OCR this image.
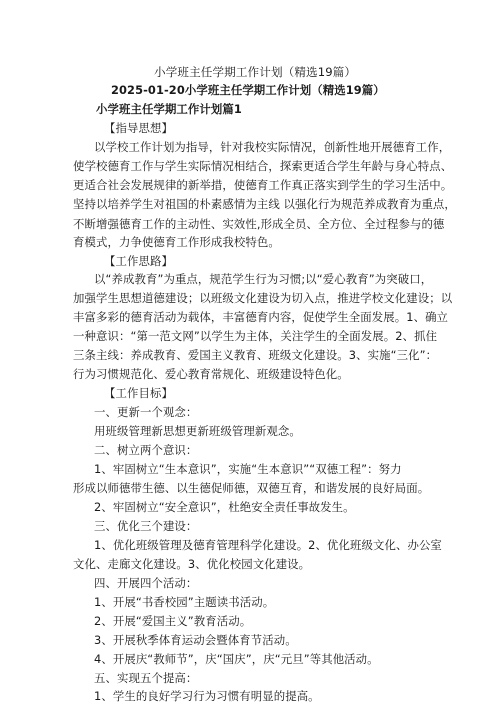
小学班主任学期工作计划（精选19篇）
2025-01-20小学班主任学期工作计划（精选19篇）
小学班主任学期工作计划篇1
【指导思想】
以学校工作计划为指导，针对我校实际情况，创新性地开展德育工作，
使学校德育工作与学生实际情况相结合，探索更适合学生年龄与身心特点、
更适合社会发展规律的新举措，使德育工作真正落实到学生的学习生活中。
坚持以培养学生对祖国的朴素感情为主线 以强化行为规范养成教育为重点，
不断增强德育工作的主动性、实效性,形成全员、全方位、全过程参与的德
育模式，力争使德育工作形成我校特色。
【工作思路】
以“养成教育”为重点，规范学生行为习惯;以“爱心教育”为突破口，
加强学生思想道德建设；以班级文化建设为切入点，推进学校文化建设；以
丰富多彩的德育活动为载体，丰富德育内容，促使学生全面发展。1、确立
一种意识：“第一范文网”以学生为主体，关注学生的全面发展。2、抓住
三条主线：养成教育、爱国主义教育、班级文化建设。3、实施“三化”：
行为习惯规范化、爱心教育常规化、班级建设特色化。
【工作目标】
一、更新一个观念：
用班级管理新思想更新班级管理新观念。
二、树立两个意识：
1、牢固树立“生本意识”，实施“生本意识”“双德工程”：努力
形成以师德带生德、以生德促师德，双德互育，和谐发展的良好局面。
2、牢固树立“安全意识”，杜绝安全责任事故发生。
三、优化三个建设：
1、优化班级管理及德育管理科学化建设。2、优化班级文化、办公室
文化、走廊文化建设。3、优化校园文化建设。
四、开展四个活动：
1、开展“书香校园”主题读书活动。
2、开展“爱国主义”教育活动。
3、开展秋季体育运动会暨体育节活动。
4、开展庆“教师节”，庆“国庆”，庆“元旦”等其他活动。
五、实现五个提高：
1、学生的良好学习行为习惯有明显的提高。
